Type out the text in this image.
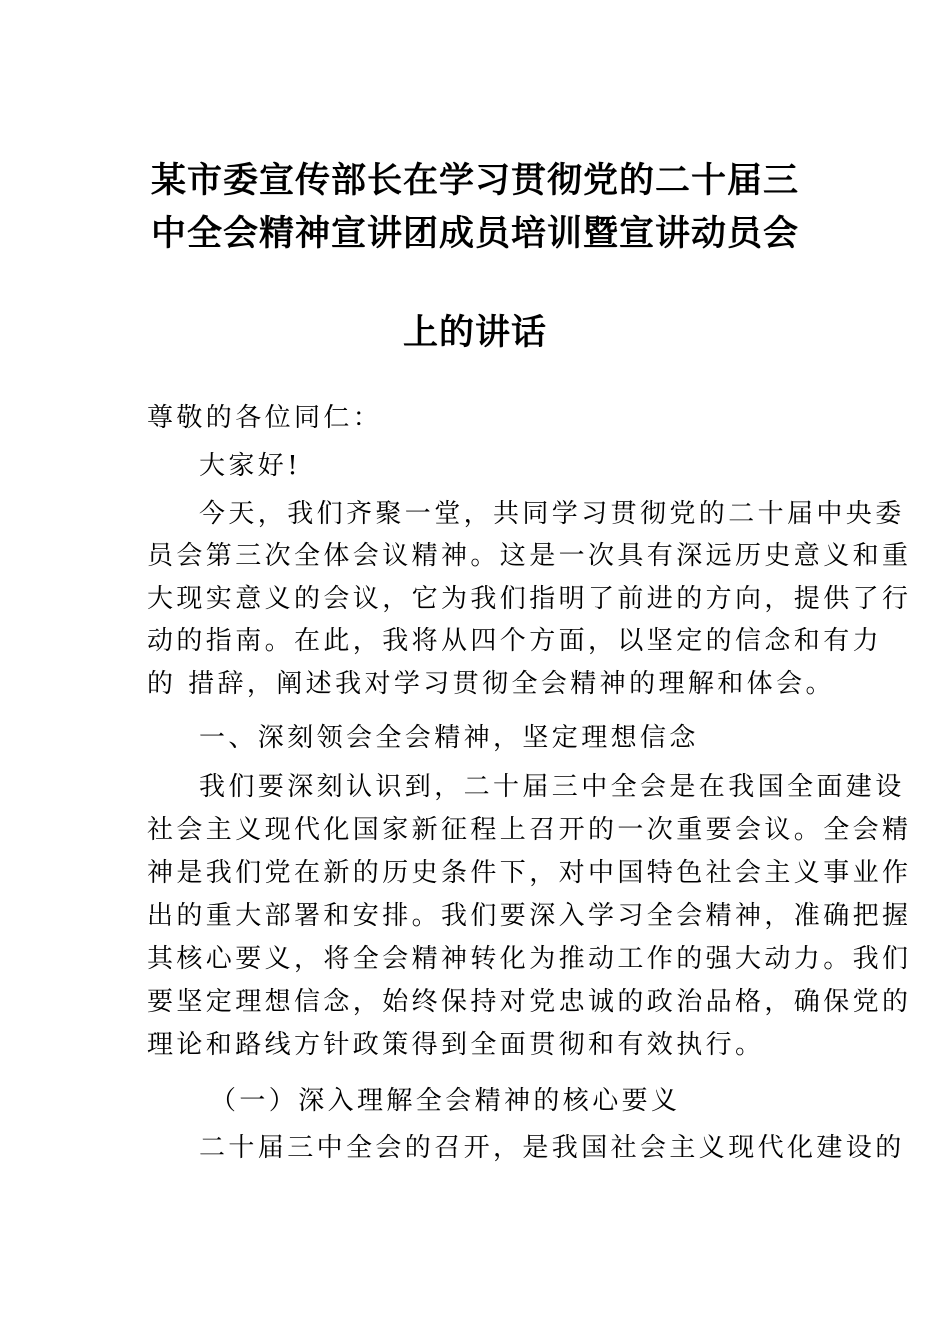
某市委宣传部长在学习贯彻党的二十届三
中全会精神宣讲团成员培训暨宣讲动员会
上的讲话
尊敬的各位同仁：
大家好!
今天，我们齐聚一堂，共同学习贯彻党的二十届中央委
员会第三次全体会议精神。这是一次具有深远历史意义和重
大现实意义的会议，它为我们指明了前进的方向，提供了行
动的指南。在此，我将从四个方面，以坚定的信念和有力
的 措辞，阐述我对学习贯彻全会精神的理解和体会。
一、深刻领会全会精神，坚定理想信念
我们要深刻认识到，二十届三中全会是在我国全面建设
社会主义现代化国家新征程上召开的一次重要会议。全会精
神是我们党在新的历史条件下，对中国特色社会主义事业作
出的重大部署和安排。我们要深入学习全会精神，准确把握
其核心要义，将全会精神转化为推动工作的强大动力。我们
要坚定理想信念，始终保持对党忠诚的政治品格，确保党的
理论和路线方针政策得到全面贯彻和有效执行。
（一）深入理解全会精神的核心要义
二十届三中全会的召开，是我国社会主义现代化建设的
